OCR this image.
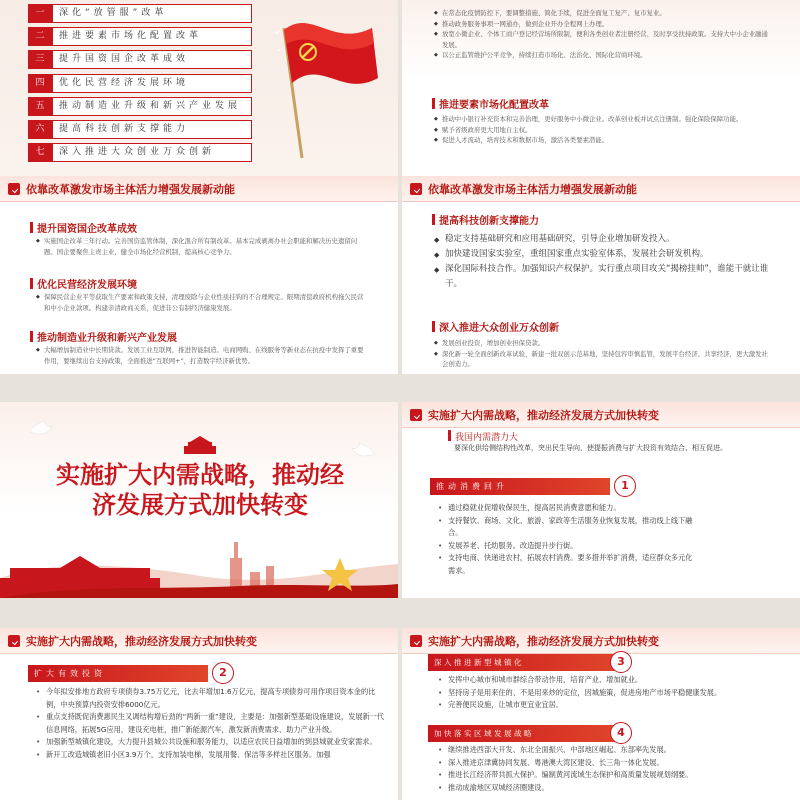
一	深化“放管服”改革
二	推进要素市场化配置改革
三	提升国资国企改革成效
四	优化民营经济发展环境
五	推动制造业升级和新兴产业发展
六	提高科技创新支撑能力
七	深入推进大众创业万众创新
◆ 在常态化疫情防控下，要调整措施、简化手续，促进全面复工复产、复市复业。
◆ 推动政务服务事项一网通办，做到企业开办全程网上办理。
◆ 放宽小微企业、个体工商户登记经营场所限制，便利各类创业者注册经营、及时享受扶持政策。支持大中小企业融通发展。
◆ 以公正监管维护公平竞争，持续打造市场化、法治化、国际化营商环境。
推进要素市场化配置改革
◆ 推动中小银行补充资本和完善治理，更好服务中小微企业。改革创业板并试点注册制。强化保险保障功能。
◆ 赋予省级政府更大用地自主权。
◆ 促进人才流动，培育技术和数据市场，激活各类要素潜能。
依靠改革激发市场主体活力增强发展新动能
提升国资国企改革成效
◆ 实施国企改革三年行动。完善国资监管体制，深化混合所有制改革。基本完成剥离办社会职能和解决历史遗留问题。国企要聚焦主责主业，健全市场化经营机制，提高核心竞争力。
优化民营经济发展环境
◆ 保障民营企业平等获取生产要素和政策支持，清理废除与企业性质挂钩的不合理规定。限期清偿政府机构拖欠民营和中小企业款项。构建亲清政商关系，促进非公有制经济健康发展。
推动制造业升级和新兴产业发展
◆ 大幅增加制造业中长期贷款。发展工业互联网，推进智能制造。电商网购、在线服务等新业态在抗疫中发挥了重要作用，要继续出台支持政策，全面推进“互联网+”，打造数字经济新优势。
依靠改革激发市场主体活力增强发展新动能
提高科技创新支撑能力
◆ 稳定支持基础研究和应用基础研究，引导企业增加研发投入。
◆ 加快建设国家实验室，重组国家重点实验室体系，发展社会研发机构。
◆ 深化国际科技合作。加强知识产权保护。实行重点项目攻关“揭榜挂帅”，谁能干就让谁干。
深入推进大众创业万众创新
◆ 发展创业投资，增加创业担保贷款。
◆ 深化新一轮全面创新改革试验，新建一批双创示范基地，坚持包容审慎监管，发展平台经济、共享经济，更大激发社会创造力。
实施扩大内需战略，推动经
济发展方式加快转变
实施扩大内需战略，推动经济发展方式加快转变
我国内需潜力大
要深化供给侧结构性改革，突出民生导向，使提振消费与扩大投资有效结合、相互促进。
推动消费回升	1
• 通过稳就业促增收保民生，提高居民消费意愿和能力。
• 支持餐饮、商场、文化、旅游、家政等生活服务业恢复发展，推动线上线下融合。
• 发展养老、托幼服务。改造提升步行街。
• 支持电商、快递进农村，拓展农村消费。要多措并举扩消费，适应群众多元化需求。
实施扩大内需战略，推动经济发展方式加快转变
扩大有效投资	2
• 今年拟安排地方政府专项债券3.75万亿元，比去年增加1.6万亿元，提高专项债券可用作项目资本金的比例，中央预算内投资安排6000亿元。
• 重点支持既促消费惠民生又调结构增后劲的“两新一重”建设，主要是：加强新型基础设施建设，发展新一代信息网络，拓展5G应用，建设充电桩，推广新能源汽车，激发新消费需求、助力产业升级。
• 加强新型城镇化建设，大力提升县城公共设施和服务能力，以适应农民日益增加的到县城就业安家需求。
• 新开工改造城镇老旧小区3.9万个，支持加装电梯，发展用餐、保洁等多样社区服务。加强
实施扩大内需战略，推动经济发展方式加快转变
深入推进新型城镇化	3
• 发挥中心城市和城市群综合带动作用，培育产业、增加就业。
• 坚持房子是用来住的、不是用来炒的定位，因城施策，促进房地产市场平稳健康发展。
• 完善便民设施，让城市更宜业宜居。
加快落实区域发展战略	4
• 继续推进西部大开发、东北全面振兴、中部地区崛起、东部率先发展。
• 深入推进京津冀协同发展、粤港澳大湾区建设、长三角一体化发展。
• 推进长江经济带共抓大保护。编制黄河流域生态保护和高质量发展规划纲要。
• 推动成渝地区双城经济圈建设。
